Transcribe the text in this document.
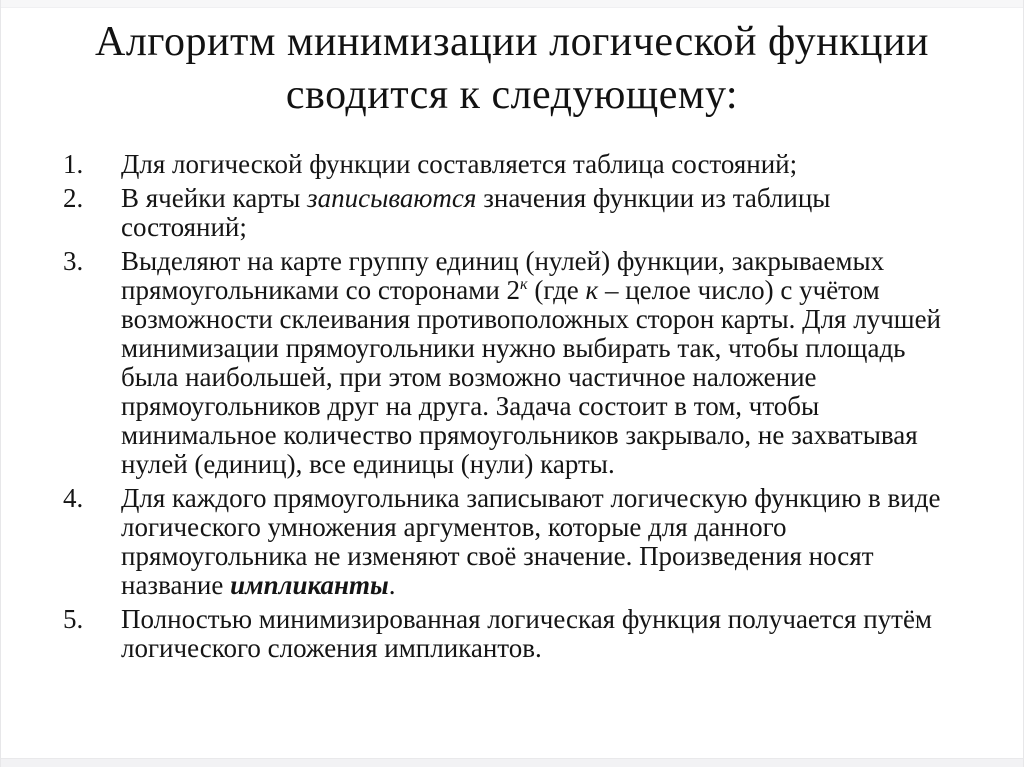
Алгоритм минимизации логической функции
сводится к следующему:
1.	Для логической функции составляется таблица состояний;
2.	В ячейки карты записываются значения функции из таблицы состояний;
3.	Выделяют на карте группу единиц (нулей) функции, закрываемых прямоугольниками со сторонами $2^к$ (где к – целое число) с учётом возможности склеивания противоположных сторон карты. Для лучшей минимизации прямоугольники нужно выбирать так, чтобы площадь была наибольшей, при этом возможно частичное наложение прямоугольников друг на друга. Задача состоит в том, чтобы минимальное количество прямоугольников закрывало, не захватывая нулей (единиц), все единицы (нули) карты.
4.	Для каждого прямоугольника записывают логическую функцию в виде логического умножения аргументов, которые для данного прямоугольника не изменяют своё значение. Произведения носят название импликанты.
5.	Полностью минимизированная логическая функция получается путём логического сложения импликантов.
